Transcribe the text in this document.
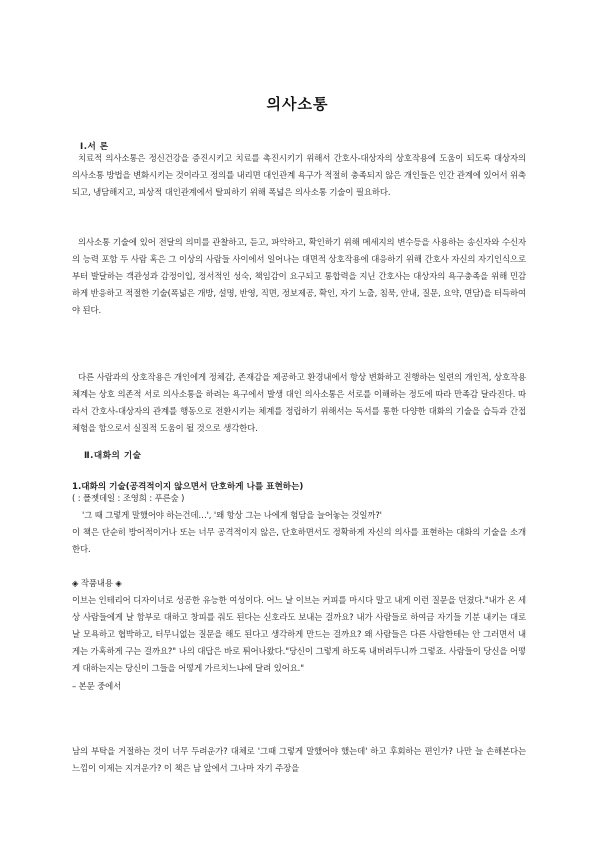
의사소통
Ⅰ.서 론

치료적 의사소통은 정신건강을 증진시키고 치료를 촉진시키기 위해서 간호사-대상자의 상호작용에 도움이 되도록 대상자의 의사소통 방법을 변화시키는 것이라고 정의를 내리면 대인관계 욕구가 적절히 충족되지 않은 개인들은 인간 관계에 있어서 위축되고, 냉담해지고, 피상적 대인관계에서 탈피하기 위해 폭넓은 의사소통 기술이 필요하다.

의사소통 기술에 있어 전달의 의미를 관찰하고, 듣고, 파악하고, 확인하기 위해 메세지의 변수등을 사용하는 송신자와 수신자의 능력 포함 두 사람 혹은 그 이상의 사람들 사이에서 일어나는 대면적 상호작용에 대응하기 위해 간호사 자신의 자기인식으로부터 발달하는 객관성과 감정이입, 정서적인 성숙, 책임감이 요구되고 통합력을 지닌 간호사는 대상자의 욕구충족을 위해 민감하게 반응하고 적절한 기술(폭넓은 개방, 설명, 반영, 직면, 정보제공, 확인, 자기 노출, 침묵, 안내, 질문, 요약, 면담)을 터득하여야 된다.

다른 사람과의 상호작용은 개인에게 정체감, 존재감을 제공하고 환경내에서 항상 변화하고 진행하는 일련의 개인적, 상호작용 체계는 상호 의존적 서로 의사소통을 하려는 욕구에서 발생 대인 의사소통은 서로를 이해하는 정도에 따라 만족감 달라진다. 따라서 간호사-대상자의 관계를 행동으로 전환시키는 체계를 정립하기 위해서는 독서를 통한 다양한 대화의 기술을 습득과 간접체험을 함으로서 실질적 도움이 될 것으로 생각한다.

Ⅱ.대화의 기술
1.대화의 기술(공격적이지 않으면서 단호하게 나를 표현하는)

( : 폴젯데일 : 조영희 : 푸른숲 )

'그 때 그렇게 말했어야 하는건데…', '왜 항상 그는 나에게 험담을 늘어놓는 것일까?'

이 책은 단순히 방어적이거나 또는 너무 공격적이지 않은, 단호하면서도 정확하게 자신의 의사를 표현하는 대화의 기술을 소개한다.

◈ 작품내용 ◈

이브는 인테리어 디자이너로 성공한 유능한 여성이다. 어느 날 이브는 커피를 마시다 말고 내게 이런 질문을 던졌다."내가 온 세상 사람들에게 날 함부로 대하고 창피를 줘도 된다는 신호라도 보내는 걸까요? 내가 사람들로 하여금 자기들 기분 내키는 대로 날 모욕하고 협박하고, 터무니없는 질문을 해도 된다고 생각하게 만드는 걸까요? 왜 사람들은 다른 사람한테는 안 그러면서 내게는 가혹하게 구는 걸까요?" 나의 대답은 바로 튀어나왔다."당신이 그렇게 하도록 내버려두니까 그렇죠. 사람들이 당신을 어떻게 대하는지는 당신이 그들을 어떻게 가르치느냐에 달려 있어요."

– 본문 중에서

남의 부탁을 거절하는 것이 너무 두려운가? 대체로 '그때 그렇게 말했어야 했는데' 하고 후회하는 편인가? 나만 늘 손해본다는 느낌이 이제는 지겨운가? 이 책은 남 앞에서 그나마 자기 주장을
